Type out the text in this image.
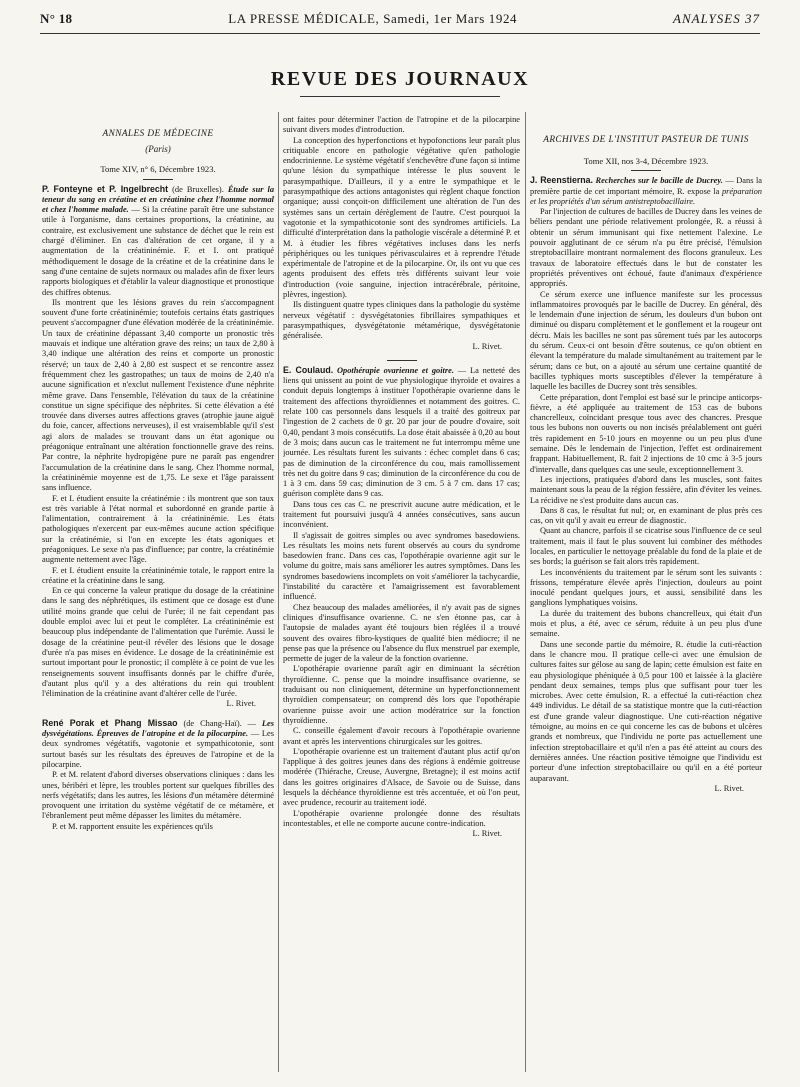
N° 18	LA PRESSE MÉDICALE, Samedi, 1er Mars 1924	ANALYSES 37
REVUE DES JOURNAUX
ANNALES DE MÉDECINE
(Paris)
Tome XIV, n° 6, Décembre 1923.

P. Fonteyne et P. Ingelbrecht (de Bruxelles). Étude sur la teneur du sang en créatine et en créatinine chez l'homme normal et chez l'homme malade. — Si la créatine paraît être une substance utile à l'organisme, dans certaines proportions, la créatinine, au contraire, est exclusivement une substance de déchet que le rein est chargé d'éliminer. En cas d'altération de cet organe, il y a augmentation de la créatininémie. F. et I. ont pratiqué méthodiquement le dosage de la créatine et de la créatinine dans le sang d'une centaine de sujets normaux ou malades afin de fixer leurs rapports biologiques et d'établir la valeur diagnostique et pronostique des chiffres obtenus.

Ils montrent que les lésions graves du rein s'accompagnent souvent d'une forte créatininémie; toutefois certains états gastriques peuvent s'accompagner d'une élévation modérée de la créatininémie. Un taux de créatinine dépassant 3,40 comporte un pronostic très mauvais et indique une altération grave des reins; un taux de 2,80 à 3,40 indique une altération des reins et comporte un pronostic réservé; un taux de 2,40 à 2,80 est suspect et se rencontre assez fréquemment chez les gastropathes; un taux de moins de 2,40 n'a aucune signification et n'exclut nullement l'existence d'une néphrite même grave. Dans l'ensemble, l'élévation du taux de la créatinine constitue un signe spécifique des néphrites. Si cette élévation a été trouvée dans diverses autres affections graves (atrophie jaune aiguë du foie, cancer, affections nerveuses), il est vraisemblable qu'il s'est agi alors de malades se trouvant dans un état agonique ou préagonique entraînant une altération fonctionnelle grave des reins. Par contre, la néphrite hydropigène pure ne paraît pas engendrer l'accumulation de la créatinine dans le sang. Chez l'homme normal, la créatininémie moyenne est de 1,75. Le sexe et l'âge paraissent sans influence.

F. et I. étudient ensuite la créatinémie : ils montrent que son taux est très variable à l'état normal et subordonné en grande partie à l'alimentation, contrairement à la créatininémie. Les états pathologiques n'exercent par eux-mêmes aucune action spécifique sur la créatinémie, si l'on en excepte les états agoniques et préagoniques. Le sexe n'a pas d'influence; par contre, la créatinémie augmente nettement avec l'âge.

F. et I. étudient ensuite la créatininémie totale, le rapport entre la créatine et la créatinine dans le sang.

En ce qui concerne la valeur pratique du dosage de la créatinine dans le sang des néphrétiques, ils estiment que ce dosage est d'une utilité moins grande que celui de l'urée; il ne fait cependant pas double emploi avec lui et peut le compléter. La créatininémie est beaucoup plus indépendante de l'alimentation que l'urémie. Aussi le dosage de la créatinine peut-il révéler des lésions que le dosage d'urée n'a pas mises en évidence. Le dosage de la créatininémie est surtout important pour le pronostic; il complète à ce point de vue les renseignements souvent insuffisants donnés par le chiffre d'urée, d'autant plus qu'il y a des altérations du rein qui troublent l'élimination de la créatinine avant d'altérer celle de l'urée.

L. Rivet.

René Porak et Phang Missao (de Chang-Haï). — Les dysvégétations. Épreuves de l'atropine et de la pilocarpine. — Les deux syndromes végétatifs, vagotonie et sympathicotonie, sont surtout basés sur les résultats des épreuves de l'atropine et de la pilocarpine.

P. et M. relatent d'abord diverses observations cliniques : dans les unes, béribéri et lèpre, les troubles portent sur quelques fibrilles des nerfs végétatifs; dans les autres, les lésions d'un métamère déterminé provoquent une irritation du système végétatif de ce métamère, et l'ébranlement peut même dépasser les limites du métamère.

P. et M. rapportent ensuite les expériences qu'ils

ont faites pour déterminer l'action de l'atropine et de la pilocarpine suivant divers modes d'introduction.

La conception des hyperfonctions et hypofonctions leur paraît plus critiquable encore en pathologie végétative qu'en pathologie endocrinienne. Le système végétatif s'enchevêtre d'une façon si intime qu'une lésion du sympathique intéresse le plus souvent le parasympathique. D'ailleurs, il y a entre le sympathique et le parasympathique des actions antagonistes qui règlent chaque fonction organique; aussi conçoit-on difficilement une altération de l'un des systèmes sans un certain dérèglement de l'autre. C'est pourquoi la vagotonie et la sympathicotonie sont des syndromes artificiels. La difficulté d'interprétation dans la pathologie viscérale a déterminé P. et M. à étudier les fibres végétatives incluses dans les nerfs périphériques ou les tuniques périvasculaires et à reprendre l'étude expérimentale de l'atropine et de la pilocarpine. Or, ils ont vu que ces agents produisent des effets très différents suivant leur voie d'introduction (voie sanguine, injection intracérébrale, péritoine, plèvres, ingestion).

Ils distinguent quatre types cliniques dans la pathologie du système nerveux végétatif : dysvégétatonies fibrillaires sympathiques et parasympathiques, dysvégétatonie métamérique, dysvégétatonie généralisée.

L. Rivet.

E. Coulaud. Opothérapie ovarienne et goitre. — La netteté des liens qui unissent au point de vue physiologique thyroïde et ovaires a conduit depuis longtemps à instituer l'opothérapie ovarienne dans le traitement des affections thyroïdiennes et notamment des goitres. C. relate 100 cas personnels dans lesquels il a traité des goitreux par l'ingestion de 2 cachets de 0 gr. 20 par jour de poudre d'ovaire, soit 0,40, pendant 3 mois consécutifs. La dose était abaissée à 0,20 au bout de 3 mois; dans aucun cas le traitement ne fut interrompu même une journée. Les résultats furent les suivants : échec complet dans 6 cas; pas de diminution de la circonférence du cou, mais ramollissement très net du goitre dans 9 cas; diminution de la circonférence du cou de 1 à 3 cm. dans 59 cas; diminution de 3 cm. 5 à 7 cm. dans 17 cas; guérison complète dans 9 cas.

Dans tous ces cas C. ne prescrivit aucune autre médication, et le traitement fut poursuivi jusqu'à 4 années consécutives, sans aucun inconvénient.

Il s'agissait de goitres simples ou avec syndromes basedowiens. Les résultats les moins nets furent observés au cours du syndrome basedowien franc. Dans ces cas, l'opothérapie ovarienne agit sur le volume du goitre, mais sans améliorer les autres symptômes. Dans les syndromes basedowiens incomplets on voit s'améliorer la tachycardie, l'instabilité du caractère et l'amaigrissement est favorablement influencé.

Chez beaucoup des malades améliorées, il n'y avait pas de signes cliniques d'insuffisance ovarienne. C. ne s'en étonne pas, car à l'autopsie de malades ayant été toujours bien réglées il a trouvé souvent des ovaires fibro-kystiques de qualité bien médiocre; il ne pense pas que la présence ou l'absence du flux menstruel par exemple, permette de juger de la valeur de la fonction ovarienne.

L'opothérapie ovarienne paraît agir en diminuant la sécrétion thyroïdienne. C. pense que la moindre insuffisance ovarienne, se traduisant ou non cliniquement, détermine un hyperfonctionnement thyroïdien compensateur; on comprend dès lors que l'opothérapie ovarienne puisse avoir une action modératrice sur la fonction thyroïdienne.

C. conseille également d'avoir recours à l'opothérapie ovarienne avant et après les interventions chirurgicales sur les goitres.

L'opothérapie ovarienne est un traitement d'autant plus actif qu'on l'applique à des goitres jeunes dans des régions à endémie goitreuse modérée (Thiérache, Creuse, Auvergne, Bretagne); il est moins actif dans les goitres originaires d'Alsace, de Savoie ou de Suisse, dans lesquels la déchéance thyroïdienne est très accentuée, et où l'on peut, avec prudence, recourir au traitement iodé.

L'opothérapie ovarienne prolongée donne des résultats incontestables, et elle ne comporte aucune contre-indication.

L. Rivet.
ARCHIVES DE L'INSTITUT PASTEUR DE TUNIS
Tome XII, nos 3-4, Décembre 1923.

J. Reenstierna. Recherches sur le bacille de Ducrey. — Dans la première partie de cet important mémoire, R. expose la préparation et les propriétés d'un sérum antistreptobacillaire.

Par l'injection de cultures de bacilles de Ducrey dans les veines de béliers pendant une période relativement prolongée, R. a réussi à obtenir un sérum immunisant qui fixe nettement l'alexine. Le pouvoir agglutinant de ce sérum n'a pu être précisé, l'émulsion streptobacillaire montrant normalement des flocons granuleux. Les travaux de laboratoire effectués dans le but de constater les propriétés préventives ont échoué, faute d'animaux d'expérience appropriés.

Ce sérum exerce une influence manifeste sur les processus inflammatoires provoqués par le bacille de Ducrey. En général, dès le lendemain d'une injection de sérum, les douleurs d'un bubon ont diminué ou disparu complètement et le gonflement et la rougeur ont décru. Mais les bacilles ne sont pas sûrement tués par les autocorps du sérum. Ceux-ci ont besoin d'être soutenus, ce qu'on obtient en élevant la température du malade simultanément au traitement par le sérum; dans ce but, on a ajouté au sérum une certaine quantité de bacilles typhiques morts susceptibles d'élever la température à laquelle les bacilles de Ducrey sont très sensibles.

Cette préparation, dont l'emploi est basé sur le principe anticorps-fièvre, a été appliquée au traitement de 153 cas de bubons chancrelleux, coïncidant presque tous avec des chancres. Presque tous les bubons non ouverts ou non incisés préalablement ont guéri très rapidement en 5-10 jours en moyenne ou un peu plus d'une semaine. Dès le lendemain de l'injection, l'effet est ordinairement frappant. Habituellement, R. fait 2 injections de 10 cmc à 3-5 jours d'intervalle, dans quelques cas une seule, exceptionnellement 3.

Les injections, pratiquées d'abord dans les muscles, sont faites maintenant sous la peau de la région fessière, afin d'éviter les veines. La récidive ne s'est produite dans aucun cas.

Dans 8 cas, le résultat fut nul; or, en examinant de plus près ces cas, on vit qu'il y avait eu erreur de diagnostic.

Quant au chancre, parfois il se cicatrise sous l'influence de ce seul traitement, mais il faut le plus souvent lui combiner des méthodes locales, en particulier le nettoyage préalable du fond de la plaie et de ses bords; la guérison se fait alors très rapidement.

Les inconvénients du traitement par le sérum sont les suivants : frissons, température élevée après l'injection, douleurs au point inoculé pendant quelques jours, et aussi, sensibilité dans les ganglions lymphatiques voisins.

La durée du traitement des bubons chancrelleux, qui était d'un mois et plus, a été, avec ce sérum, réduite à un peu plus d'une semaine.

Dans une seconde partie du mémoire, R. étudie la cuti-réaction dans le chancre mou. Il pratique celle-ci avec une émulsion de cultures faites sur gélose au sang de lapin; cette émulsion est faite en eau physiologique phéniquée à 0,5 pour 100 et laissée à la glacière pendant deux semaines, temps plus que suffisant pour tuer les microbes. Avec cette émulsion, R. a effectué la cuti-réaction chez 449 individus. Le détail de sa statistique montre que la cuti-réaction est d'une grande valeur diagnostique. Une cuti-réaction négative témoigne, au moins en ce qui concerne les cas de bubons et ulcères grands et nombreux, que l'individu ne porte pas actuellement une infection streptobacillaire et qu'il n'en a pas été atteint au cours des dernières années. Une réaction positive témoigne que l'individu est porteur d'une infection streptobacillaire ou qu'il en a été porteur auparavant.

L. Rivet.
